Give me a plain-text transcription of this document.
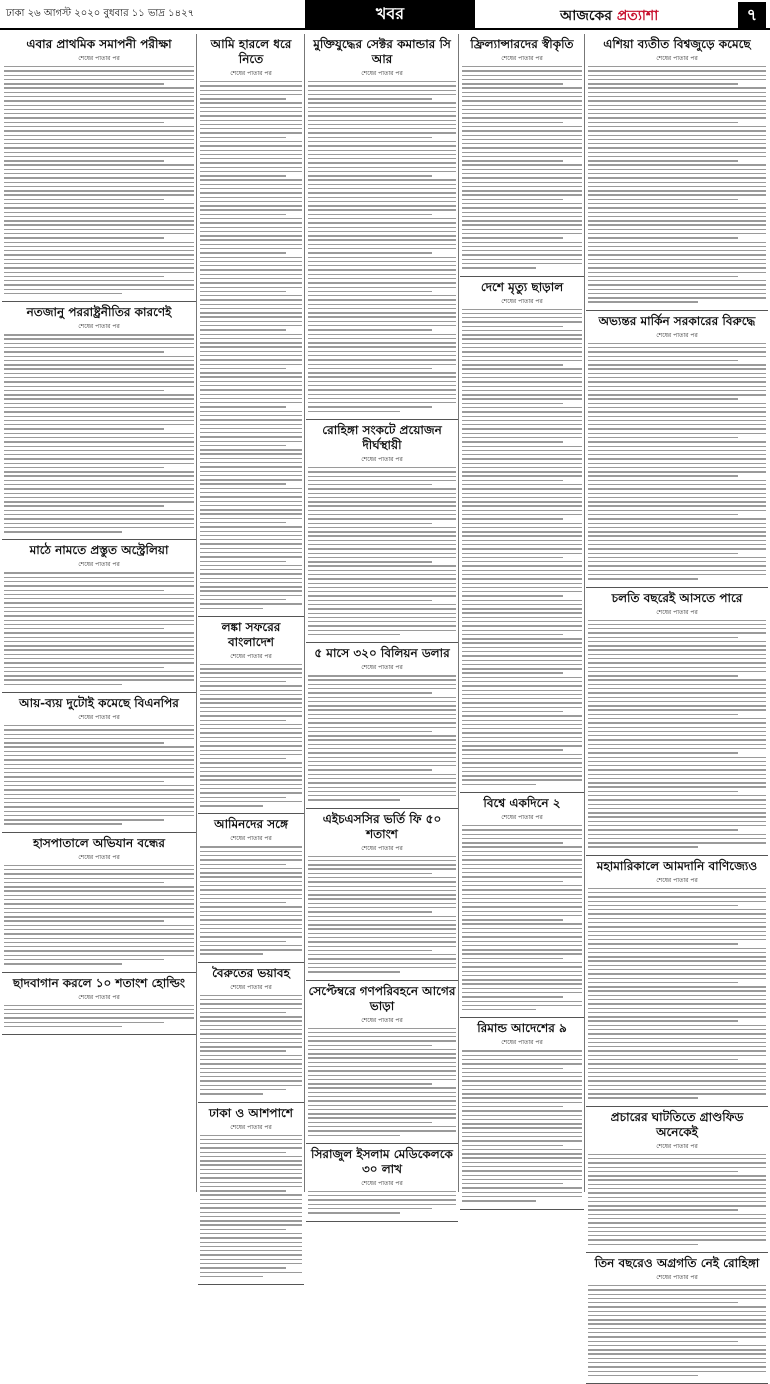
ঢাকা ২৬ আগস্ট ২০২০ বুধবার ১১ ভাদ্র ১৪২৭	খবর	আজকের প্রত্যাশা	৭
এবার প্রাথমিক সমাপনী পরীক্ষা
শেষের পাতার পর
নতজানু পররাষ্ট্রনীতির কারণেই
শেষের পাতার পর
মাঠে নামতে প্রস্তুত অস্ট্রেলিয়া
শেষের পাতার পর
আয়-ব্যয় দুটোই কমেছে বিএনপির
শেষের পাতার পর
হাসপাতালে অভিযান বন্ধের
শেষের পাতার পর
ছাদবাগান করলে ১০ শতাংশ হোল্ডিং
শেষের পাতার পর
আমি হারলে ধরে নিতে
শেষের পাতার পর
লঙ্কা সফরের বাংলাদেশ
শেষের পাতার পর
আমিনদের সঙ্গে
শেষের পাতার পর
বৈরুতের ভয়াবহ
শেষের পাতার পর
ঢাকা ও আশপাশে
শেষের পাতার পর
মুক্তিযুদ্ধের সেক্টর কমান্ডার সি আর
শেষের পাতার পর
রোহিঙ্গা সংকটে প্রয়োজন দীর্ঘস্থায়ী
শেষের পাতার পর
৫ মাসে ৩২০ বিলিয়ন ডলার
শেষের পাতার পর
এইচএসসির ভর্তি ফি ৫০ শতাংশ
শেষের পাতার পর
সেপ্টেম্বরে গণপরিবহনে আগের ভাড়া
শেষের পাতার পর
সিরাজুল ইসলাম মেডিকেলকে ৩০ লাখ
শেষের পাতার পর
ফ্রিল্যান্সারদের স্বীকৃতি
শেষের পাতার পর
দেশে মৃত্যু ছাড়াল
শেষের পাতার পর
বিশ্বে একদিনে ২
শেষের পাতার পর
রিমান্ড আদেশের ৯
শেষের পাতার পর
এশিয়া ব্যতীত বিশ্বজুড়ে কমেছে
শেষের পাতার পর
অভ্যন্তর মার্কিন সরকারের বিরুদ্ধে
শেষের পাতার পর
চলতি বছরেই আসতে পারে
শেষের পাতার পর
মহামারিকালে আমদানি বাণিজ্যেও
শেষের পাতার পর
প্রচারের ঘাটতিতে গ্রাণ্ডফিড অনেকেই
শেষের পাতার পর
তিন বছরেও অগ্রগতি নেই রোহিঙ্গা
শেষের পাতার পর
